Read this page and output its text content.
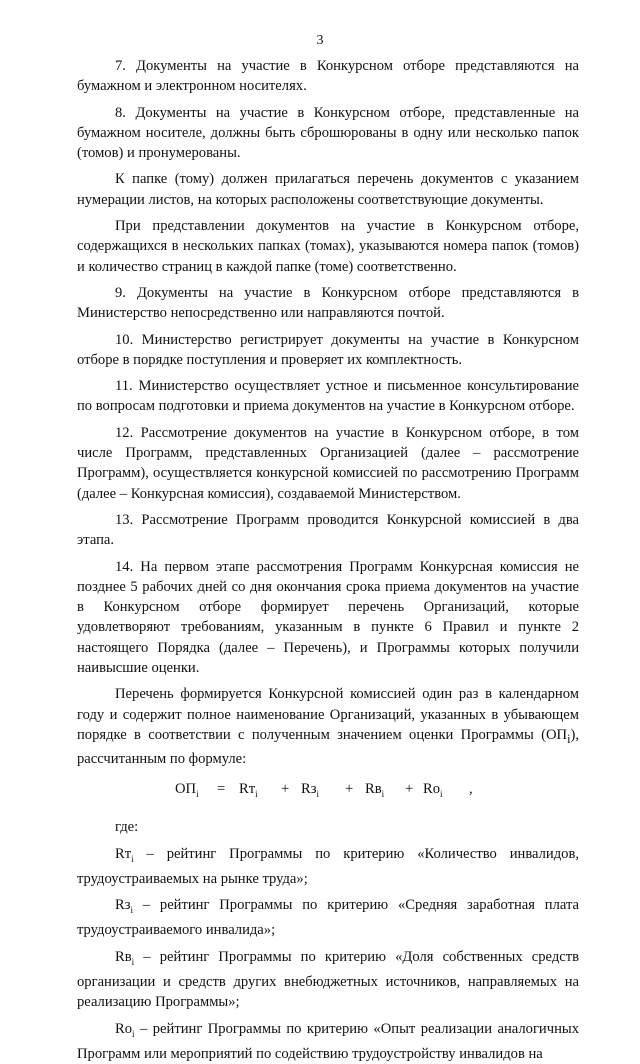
3

7. Документы на участие в Конкурсном отборе представляются на бумажном и электронном носителях.

8. Документы на участие в Конкурсном отборе, представленные на бумажном носителе, должны быть сброшюрованы в одну или несколько папок (томов) и пронумерованы.

К папке (тому) должен прилагаться перечень документов с указанием нумерации листов, на которых расположены соответствующие документы.

При представлении документов на участие в Конкурсном отборе, содержащихся в нескольких папках (томах), указываются номера папок (томов) и количество страниц в каждой папке (томе) соответственно.

9. Документы на участие в Конкурсном отборе представляются в Министерство непосредственно или направляются почтой.

10. Министерство регистрирует документы на участие в Конкурсном отборе в порядке поступления и проверяет их комплектность.

11. Министерство осуществляет устное и письменное консультирование по вопросам подготовки и приема документов на участие в Конкурсном отборе.

12. Рассмотрение документов на участие в Конкурсном отборе, в том числе Программ, представленных Организацией (далее – рассмотрение Программ), осуществляется конкурсной комиссией по рассмотрению Программ (далее – Конкурсная комиссия), создаваемой Министерством.

13. Рассмотрение Программ проводится Конкурсной комиссией в два этапа.

14. На первом этапе рассмотрения Программ Конкурсная комиссия не позднее 5 рабочих дней со дня окончания срока приема документов на участие в Конкурсном отборе формирует перечень Организаций, которые удовлетворяют требованиям, указанным в пункте 6 Правил и пункте 2 настоящего Порядка (далее – Перечень), и Программы которых получили наивысшие оценки.

Перечень формируется Конкурсной комиссией один раз в календарном году и содержит полное наименование Организаций, указанных в убывающем порядке в соответствии с полученным значением оценки Программы $(ОП_i)$, рассчитанным по формуле:

$ОП_i = Rт_i + Rз_i + Rв_i + Rо_i$ ,

где:

$Rт_i$ – рейтинг Программы по критерию «Количество инвалидов, трудоустраиваемых на рынке труда»;

$Rз_i$ – рейтинг Программы по критерию «Средняя заработная плата трудоустраиваемого инвалида»;

$Rв_i$ – рейтинг Программы по критерию «Доля собственных средств организации и средств других внебюджетных источников, направляемых на реализацию Программы»;

$Rо_i$ – рейтинг Программы по критерию «Опыт реализации аналогичных Программ или мероприятий по содействию трудоустройству инвалидов на
